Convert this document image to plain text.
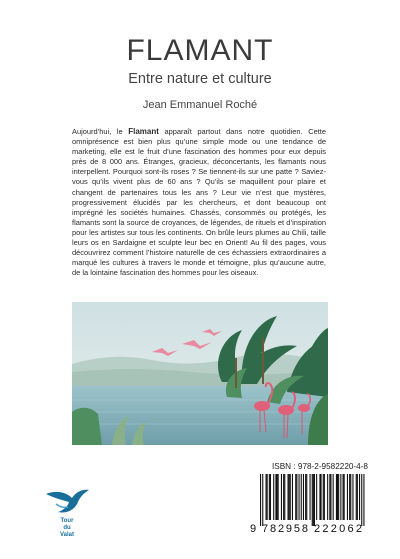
FLAMANT
Entre nature et culture
Jean Emmanuel Roché

Aujourd’hui, le Flamant apparaît partout dans notre quotidien. Cette omniprésence est bien plus qu’une simple mode ou une tendance de marketing, elle est le fruit d’une fascination des hommes pour eux depuis près de 8 000 ans. Étranges, gracieux, déconcertants, les flamants nous interpellent. Pourquoi sont-ils roses ? Se tiennent-ils sur une patte ? Saviez-vous qu’ils vivent plus de 60 ans ? Qu’ils se maquillent pour plaire et changent de partenaires tous les ans ? Leur vie n’est que mystères, progressivement élucidés par les chercheurs, et dont beaucoup ont imprégné les sociétés humaines. Chassés, consommés ou protégés, les flamants sont la source de croyances, de légendes, de rituels et d’inspiration pour les artistes sur tous les continents. On brûle leurs plumes au Chili, taille leurs os en Sardaigne et sculpte leur bec en Orient! Au fil des pages, vous découvrirez comment l’histoire naturelle de ces échassiers extraordinaires a marqué les cultures à travers le monde et témoigne, plus qu’aucune autre, de la lointaine fascination des hommes pour les oiseaux.

ISBN : 978-2-9582220-4-8
9 782958 222062
Tour
du
Valat
